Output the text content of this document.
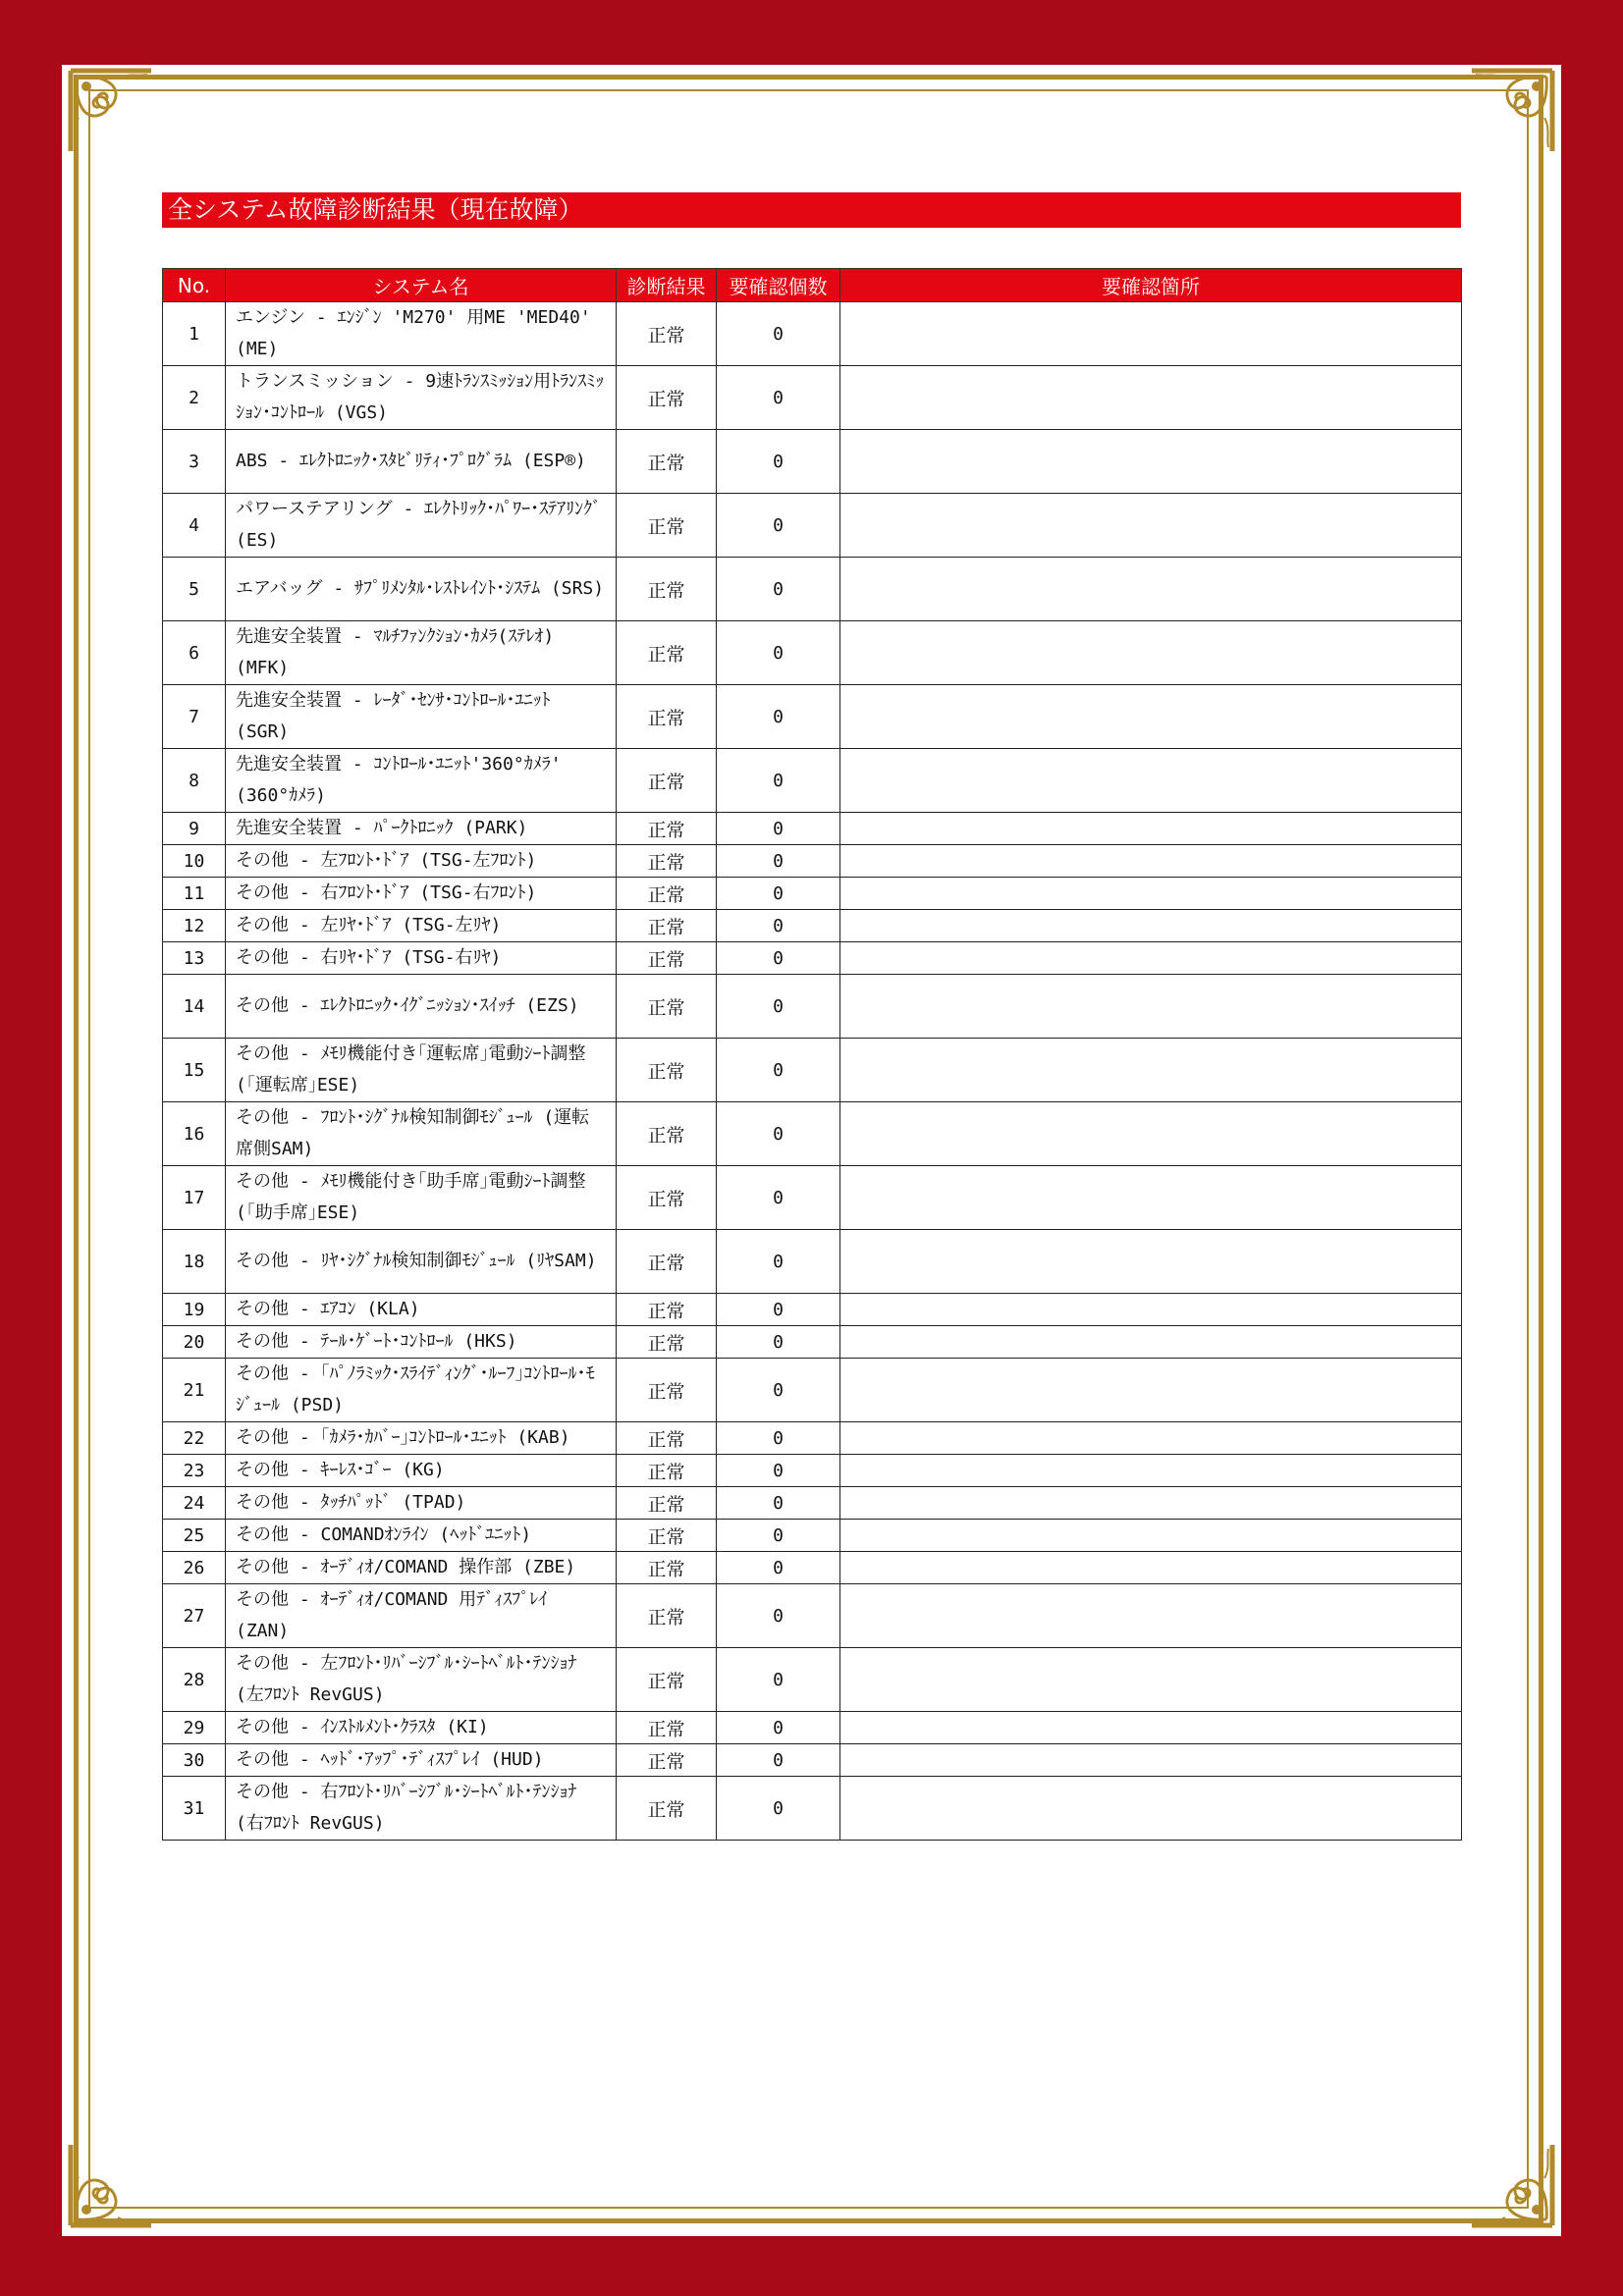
全システム故障診断結果（現在故障）
No.	システム名	診断結果	要確認個数	要確認箇所
1	エンジン - ｴﾝｼﾞﾝ 'M270' 用ME 'MED40' (ME)	正常	0	
2	トランスミッション - 9速ﾄﾗﾝｽﾐｯｼｮﾝ用ﾄﾗﾝｽﾐｯｼｮﾝ･ｺﾝﾄﾛｰﾙ (VGS)	正常	0	
3	ABS - ｴﾚｸﾄﾛﾆｯｸ･ｽﾀﾋﾞﾘﾃｨ･ﾌﾟﾛｸﾞﾗﾑ (ESP®)	正常	0	
4	パワーステアリング - ｴﾚｸﾄﾘｯｸ･ﾊﾟﾜｰ･ｽﾃｱﾘﾝｸﾞ (ES)	正常	0	
5	エアバッグ - ｻﾌﾟﾘﾒﾝﾀﾙ･ﾚｽﾄﾚｲﾝﾄ･ｼｽﾃﾑ (SRS)	正常	0	
6	先進安全装置 - ﾏﾙﾁﾌｧﾝｸｼｮﾝ･ｶﾒﾗ(ｽﾃﾚｵ) (MFK)	正常	0	
7	先進安全装置 - ﾚｰﾀﾞ･ｾﾝｻ･ｺﾝﾄﾛｰﾙ･ﾕﾆｯﾄ (SGR)	正常	0	
8	先進安全装置 - ｺﾝﾄﾛｰﾙ･ﾕﾆｯﾄ'360°ｶﾒﾗ' (360°ｶﾒﾗ)	正常	0	
9	先進安全装置 - ﾊﾟｰｸﾄﾛﾆｯｸ (PARK)	正常	0	
10	その他 - 左ﾌﾛﾝﾄ･ﾄﾞｱ (TSG-左ﾌﾛﾝﾄ)	正常	0	
11	その他 - 右ﾌﾛﾝﾄ･ﾄﾞｱ (TSG-右ﾌﾛﾝﾄ)	正常	0	
12	その他 - 左ﾘﾔ･ﾄﾞｱ (TSG-左ﾘﾔ)	正常	0	
13	その他 - 右ﾘﾔ･ﾄﾞｱ (TSG-右ﾘﾔ)	正常	0	
14	その他 - ｴﾚｸﾄﾛﾆｯｸ･ｲｸﾞﾆｯｼｮﾝ･ｽｲｯﾁ (EZS)	正常	0	
15	その他 - ﾒﾓﾘ機能付き｢運転席｣電動ｼｰﾄ調整 (｢運転席｣ESE)	正常	0	
16	その他 - ﾌﾛﾝﾄ･ｼｸﾞﾅﾙ検知制御ﾓｼﾞｭｰﾙ (運転席側SAM)	正常	0	
17	その他 - ﾒﾓﾘ機能付き｢助手席｣電動ｼｰﾄ調整 (｢助手席｣ESE)	正常	0	
18	その他 - ﾘﾔ･ｼｸﾞﾅﾙ検知制御ﾓｼﾞｭｰﾙ (ﾘﾔSAM)	正常	0	
19	その他 - ｴｱｺﾝ (KLA)	正常	0	
20	その他 - ﾃｰﾙ･ｹﾞｰﾄ･ｺﾝﾄﾛｰﾙ (HKS)	正常	0	
21	その他 - ｢ﾊﾟﾉﾗﾐｯｸ･ｽﾗｲﾃﾞｨﾝｸﾞ･ﾙｰﾌ｣ｺﾝﾄﾛｰﾙ･ﾓｼﾞｭｰﾙ (PSD)	正常	0	
22	その他 - ｢ｶﾒﾗ･ｶﾊﾞｰ｣ｺﾝﾄﾛｰﾙ･ﾕﾆｯﾄ (KAB)	正常	0	
23	その他 - ｷｰﾚｽ･ｺﾞｰ (KG)	正常	0	
24	その他 - ﾀｯﾁﾊﾟｯﾄﾞ (TPAD)	正常	0	
25	その他 - COMANDｵﾝﾗｲﾝ (ﾍｯﾄﾞﾕﾆｯﾄ)	正常	0	
26	その他 - ｵｰﾃﾞｨｵ/COMAND 操作部 (ZBE)	正常	0	
27	その他 - ｵｰﾃﾞｨｵ/COMAND 用ﾃﾞｨｽﾌﾟﾚｲ (ZAN)	正常	0	
28	その他 - 左ﾌﾛﾝﾄ･ﾘﾊﾞｰｼﾌﾞﾙ･ｼｰﾄﾍﾞﾙﾄ･ﾃﾝｼｮﾅ (左ﾌﾛﾝﾄ RevGUS)	正常	0	
29	その他 - ｲﾝｽﾄﾙﾒﾝﾄ･ｸﾗｽﾀ (KI)	正常	0	
30	その他 - ﾍｯﾄﾞ･ｱｯﾌﾟ･ﾃﾞｨｽﾌﾟﾚｲ (HUD)	正常	0	
31	その他 - 右ﾌﾛﾝﾄ･ﾘﾊﾞｰｼﾌﾞﾙ･ｼｰﾄﾍﾞﾙﾄ･ﾃﾝｼｮﾅ (右ﾌﾛﾝﾄ RevGUS)	正常	0	
